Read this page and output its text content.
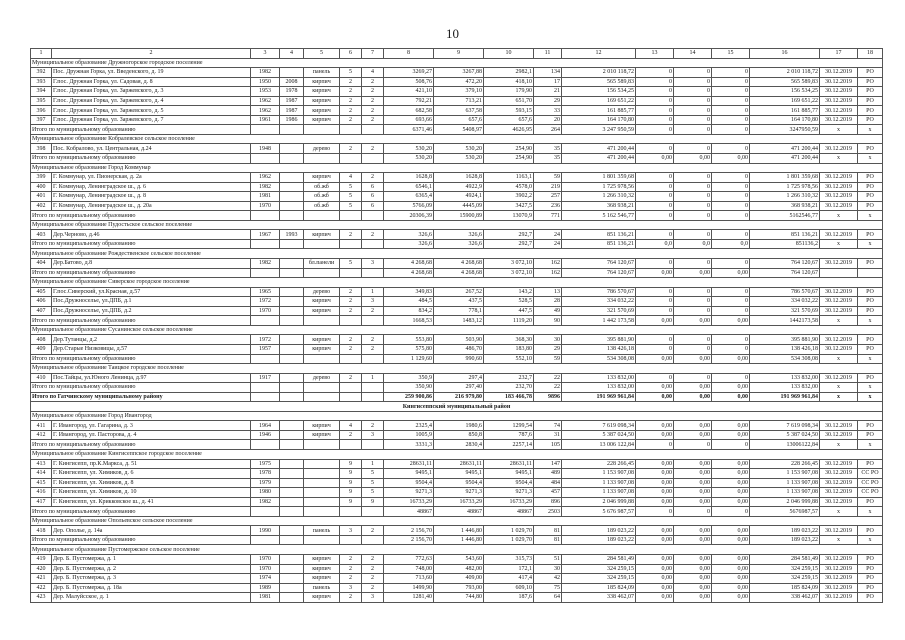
10
1	2	3	4	5	6	7	8	9	10	11	12	13	14	15	16	17	18
Муниципальное образование Дружногорское городское поселение																	
392	Пос. Дружная Горка, ул. Введенского, д. 19	1982		панель	5	4	3269,27	3267,88	2982,1	134	2 010 118,72	0	0	0	2 010 118,72	30.12.2019	РО
393	Г.пос. Дружная Горка, ул. Садовая, д. 8	1950	2008	кирпич	2	2	508,76	472,20	418,10	17	565 589,83	0	0	0	565 589,83	30.12.2019	РО
394	Г.пос. Дружная Горка, ул. Заржевского, д. 3	1953	1978	кирпич	2	2	421,10	379,10	179,90	21	156 534,25	0	0	0	156 534,25	30.12.2019	РО
395	Г.пос. Дружная Горка, ул. Заржевского, д. 4	1962	1987	кирпич	2	2	792,21	713,21	651,70	29	169 651,22	0	0	0	169 651,22	30.12.2019	РО
396	Г.пос. Дружная Горка, ул. Заржевского, д. 5	1962	1987	кирпич	2	2	682,58	637,58	593,15	33	161 885,77	0	0	0	161 885,77	30.12.2019	РО
397	Г.пос. Дружная Горка, ул. Заржевского, д. 7	1961	1986	кирпич	2	2	693,66	657,6	657,6	20	164 170,80	0	0	0	164 170,80	30.12.2019	РО
Итого по муниципальному образованию							6371,46	5408,97	4626,95	264	3 247 950,59	0	0	0	3247950,59	х	х
Муниципальное образование Кобралевское сельское поселение																	
398	Пос. Кобралово, ул. Центральная, д.24	1948		дерево	2	2	530,20	530,20	254,90	35	471 200,44	0	0	0	471 200,44	30.12.2019	РО
Итого по муниципальному образованию							530,20	530,20	254,90	35	471 200,44	0,00	0,00	0,00	471 200,44	х	х
Муниципальное образование Город Коммунар																	
399	Г. Коммунар, ул. Пионерская, д. 2а	1962		кирпич	4	2	1628,8	1628,8	1163,1	59	1 801 359,68	0	0	0	1 801 359,68	30.12.2019	РО
400	Г. Коммунар, Ленинградское ш., д. 6	1982		об.жб	5	6	6546,1	4922,9	4578,0	219	1 725 978,56	0	0	0	1 725 978,56	30.12.2019	РО
401	Г. Коммунар, Ленинградское ш., д. 8	1981		об.жб	5	6	6365,4	4924,1	3902,2	257	1 266 310,32	0	0	0	1 266 310,32	30.12.2019	РО
402	Г. Коммунар, Ленинградское ш., д. 20а	1970		об.жб	5	6	5766,09	4445,09	3427,5	236	368 938,21	0	0	0	368 938,21	30.12.2019	РО
Итого по муниципальному образованию							20306,39	15900,89	13070,9	771	5 162 546,77	0	0	0	5162546,77	х	х
Муниципальное образование Пудостьское сельское поселение																	
403	Дер.Черново, д.46	1967	1993	кирпич	2	2	326,6	326,6	292,7	24	851 136,21	0	0	0	851 136,21	30.12.2019	РО
Итого по муниципальному образованию							326,6	326,6	292,7	24	851 136,21	0,0	0,0	0,0	851136,2	х	х
Муниципальное образование Рождественское сельское поселение																	
404	Дер.Батово, д.8	1982		бл.панели	5	3	4 268,68	4 268,68	3 072,10	162	764 120,67	0	0	0	764 120,67	30.12.2019	РО
Итого по муниципальному образованию							4 268,68	4 268,68	3 072,10	162	764 120,67	0,00	0,00	0,00	764 120,67		
Муниципальное образование Сиверское городское поселение																	
405	Г.пос.Сиверский, ул.Красная, д.57	1965		дерево	2	1	349,83	267,52	143,2	13	786 570,67	0	0	0	786 570,67	30.12.2019	РО
406	Пос.Дружноселье, ул.ДПБ, д.1	1972		кирпич	2	3	484,5	437,5	528,5	28	334 032,22	0	0	0	334 032,22	30.12.2019	РО
407	Пос.Дружноселье, ул.ДПБ, д.2	1970		кирпич	2	2	834,2	778,1	447,5	49	321 570,69	0	0	0	321 570,69	30.12.2019	РО
Итого по муниципальному образованию							1668,53	1483,12	1119,20	90	1 442 173,58	0,00	0,00	0,00	1442173,58	х	х
Муниципальное образование Сусанинское сельское поселение																	
408	Дер.Тутанцы, д.2	1972		кирпич	2	2	553,80	503,90	368,30	30	395 881,90	0	0	0	395 881,90	30.12.2019	РО
409	Дер.Старые Низковицы, д.57	1957		кирпич	2	2	575,80	486,70	183,80	29	138 426,18	0	0	0	138 426,18	30.12.2019	РО
Итого по муниципальному образованию							1 129,60	990,60	552,10	59	534 308,08	0,00	0,00	0,00	534 308,08	х	х
Муниципальное образование Таицкое городское поселение																	
410	Пос.Тайцы, ул.Юного Ленинца, д.97	1917		дерево	2	1	350,9	297,4	232,7	22	133 832,00	0	0	0	133 832,00	30.12.2019	РО
Итого по муниципальному образованию							350,90	297,40	232,70	22	133 832,00	0,00	0,00	0,00	133 832,00	х	х
Итого по Гатчинскому муниципальному району							259 900,86	216 979,80	183 466,78	9896	191 969 961,84	0,00	0,00	0,00	191 969 961,84	х	х
Кингисеппский муниципальный район																	
Муниципальное образование Город Ивангород																	
411	Г. Ивангород, ул. Гагарина, д. 3	1964		кирпич	4	2	2325,4	1980,6	1299,54	74	7 619 098,34	0,00	0,00	0,00	7 619 098,34	30.12.2019	РО
412	Г. Ивангород, ул. Пасторова, д. 4	1946		кирпич	2	3	1005,9	850,8	787,6	31	5 387 024,50	0,00	0,00	0,00	5 387 024,50	30.12.2019	РО
Итого по муниципальному образованию							3331,3	2830,4	2257,14	105	13 006 122,84	0	0	0	13006122,84	х	х
Муниципальное образование Кингисеппское городское поселение																	
413	Г. Кингисепп, пр.К.Маркса, д. 51	1975			9	1	28631,11	28631,11	28631,11	147	228 266,45	0,00	0,00	0,00	228 266,45	30.12.2019	РО
414	Г. Кингисепп, ул. Химиков, д. 6	1978			9	5	9495,1	9495,1	9495,1	489	1 153 907,08	0,00	0,00	0,00	1 153 907,08	30.12.2019	СС РО
415	Г. Кингисепп, ул. Химиков, д. 8	1979			9	5	9504,4	9504,4	9504,4	484	1 133 907,08	0,00	0,00	0,00	1 133 907,08	30.12.2019	СС РО
416	Г. Кингисепп, ул. Химиков, д. 10	1980			9	5	9271,3	9271,3	9271,3	457	1 133 907,08	0,00	0,00	0,00	1 133 907,08	30.12.2019	СС РО
417	Г. Кингисепп, ул. Крикковское ш., д. 41	1982			9	9	16733,29	16733,29	16733,29	896	2 046 999,88	0,00	0,00	0,00	2 046 999,88	30.12.2019	РО
Итого по муниципальному образованию							48867	48867	48867	2503	5 676 987,57	0	0	0	5676987,57	х	х
Муниципальное образование Опольевское сельское поселение																	
418	Дер. Ополье, д. 14а	1990		панель	3	2	2 156,70	1 446,80	1 029,70	81	189 023,22	0,00	0,00	0,00	189 023,22	30.12.2019	РО
Итого по муниципальному образованию							2 156,70	1 446,80	1 029,70	81	189 023,22	0,00	0,00	0,00	189 023,22	х	х
Муниципальное образование Пустомержское сельское поселение																	
419	Дер. Б. Пустомержа, д. 1	1970		кирпич	2	2	772,63	543,60	315,73	51	284 581,49	0,00	0,00	0,00	284 581,49	30.12.2019	РО
420	Дер. Б. Пустомержа, д. 2	1970		кирпич	2	2	748,00	482,00	172,1	30	324 259,15	0,00	0,00	0,00	324 259,15	30.12.2019	РО
421	Дер. Б. Пустомержа, д. 3	1974		кирпич	2	2	713,60	409,00	417,4	42	324 259,15	0,00	0,00	0,00	324 259,15	30.12.2019	РО
422	Дер. Б. Пустомержа, д. 18а	1989		панель	3	2	1499,90	793,00	609,10	75	185 824,09	0,00	0,00	0,00	185 824,09	30.12.2019	РО
423	Дер. Малуйсское, д. 1	1981		кирпич	2	3	1281,40	744,80	187,6	64	338 462,07	0,00	0,00	0,00	338 462,07	30.12.2019	РО
